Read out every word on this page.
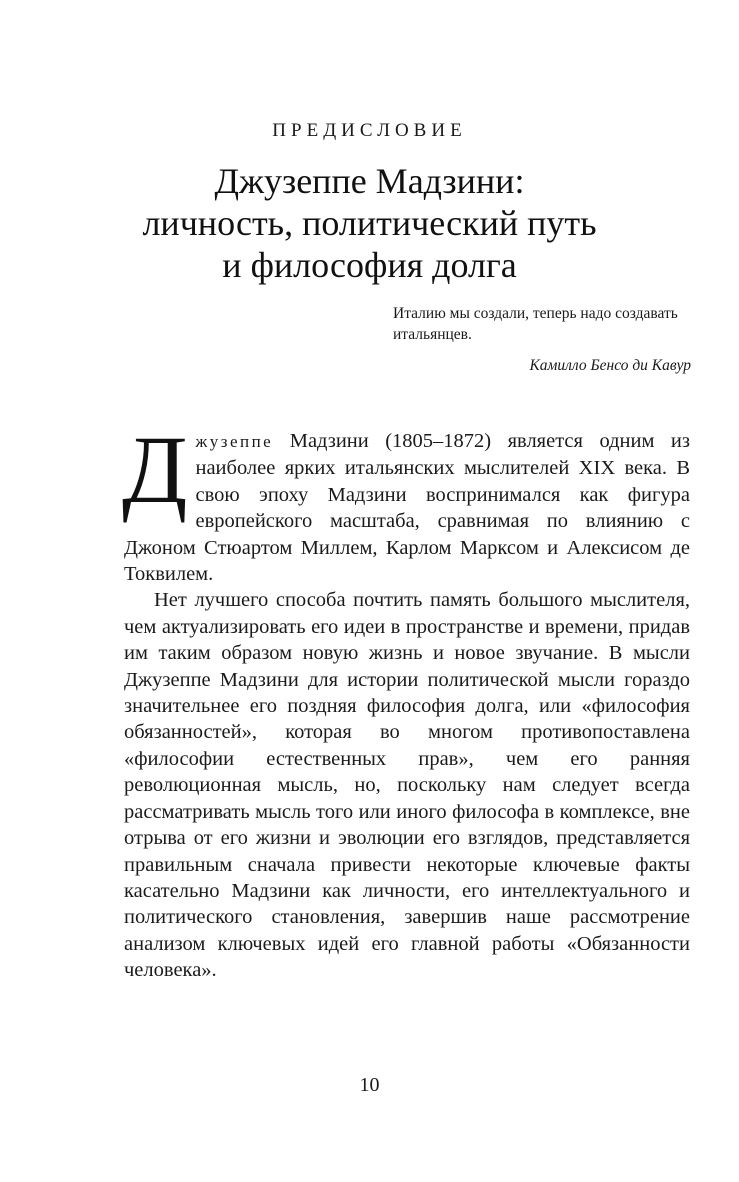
ПРЕДИСЛОВИЕ
Джузеппе Мадзини:
личность, политический путь
и философия долга
Италию мы создали, теперь надо создавать итальянцев.
Камилло Бенсо ди Кавур

Джузеппе Мадзини (1805–1872) является одним из наиболее ярких итальянских мыслителей XIX века. В свою эпоху Мадзини воспринимался как фигура европейского масштаба, сравнимая по влиянию с Джоном Стюартом Миллем, Карлом Марксом и Алексисом де Токвилем.

Нет лучшего способа почтить память большого мыслителя, чем актуализировать его идеи в пространстве и времени, придав им таким образом новую жизнь и новое звучание. В мысли Джузеппе Мадзини для истории политической мысли гораздо значительнее его поздняя философия долга, или «философия обязанностей», которая во многом противопоставлена «философии естественных прав», чем его ранняя революционная мысль, но, поскольку нам следует всегда рассматривать мысль того или иного философа в комплексе, вне отрыва от его жизни и эволюции его взглядов, представляется правильным сначала привести некоторые ключевые факты касательно Мадзини как личности, его интеллектуального и политического становления, завершив наше рассмотрение анализом ключевых идей его главной работы «Обязанности человека».

10
